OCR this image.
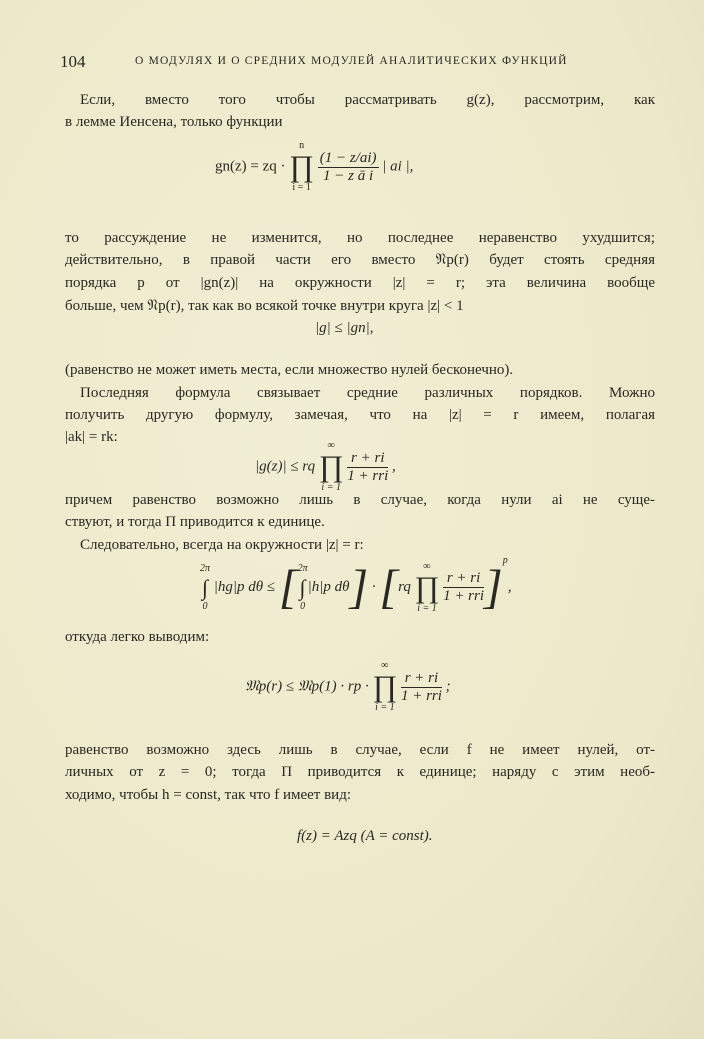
104	О МОДУЛЯХ И О СРЕДНИХ МОДУЛЕЙ АНАЛИТИЧЕСКИХ ФУНКЦИЙ
Если, вместо того чтобы рассматривать g(z), рассмотрим, как
в лемме Иенсена, только функции
gn(z) = zq ·
n
∏
i = 1

$\frac{(1 - z/ai)}{\text{1 − z ā i}}$ | ai |,
то рассуждение не изменится, но последнее неравенство ухудшится;
действительно, в правой части его вместо 𝔑p(r) будет стоять средняя
порядка p от |gn(z)| на окружности |z| = r; эта величина вообще
больше, чем 𝔑p(r), так как во всякой точке внутри круга |z| < 1
|g| ≤ |gn|,
(равенство не может иметь места, если множество нулей бесконечно).
Последняя формула связывает средние различных порядков. Можно
получить другую формулу, замечая, что на |z| = r имеем, полагая
|ak| = rk:
|g(z)| ≤ rq
∞
∏
i = 1

$\frac{r + ri}{\text{1 + rri}}$ ,
причем равенство возможно лишь в случае, когда нули ai не суще-
ствуют, и тогда Π приводится к единице.
Следовательно, всегда на окружности |z| = r:
2π
∫
0
|hg|p dθ ≤ [ 2π
∫
0
|h|p dθ] · [rq
∞
∏
i = 1

$\frac{r + ri}{\text{1 + rri}} ]^p$,
откуда легко выводим:
𝔐p(r) ≤ 𝔐p(1) · rp ·
∞
∏
i = 1

$\frac{r + ri}{\text{1 + rri}}$ ;
равенство возможно здесь лишь в случае, если f не имеет нулей, от-
личных от z = 0; тогда Π приводится к единице; наряду с этим необ-
ходимо, чтобы h = const, так что f имеет вид:
f(z) = Azq (A = const).
